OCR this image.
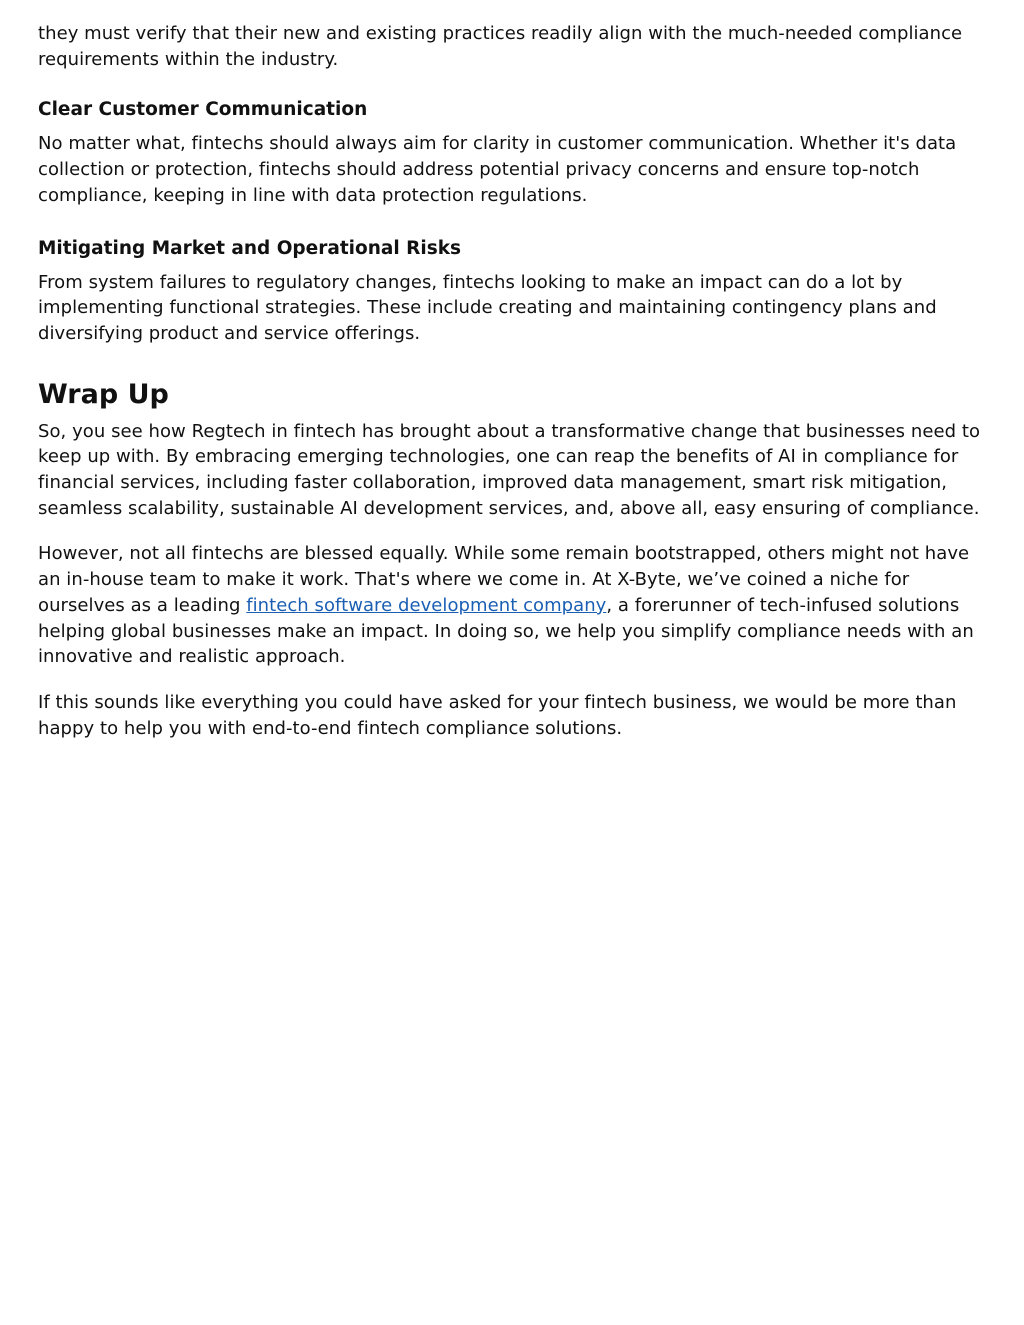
they must verify that their new and existing practices readily align with the much-needed compliance requirements within the industry.

Clear Customer Communication

No matter what, fintechs should always aim for clarity in customer communication. Whether it's data collection or protection, fintechs should address potential privacy concerns and ensure top-notch compliance, keeping in line with data protection regulations.

Mitigating Market and Operational Risks

From system failures to regulatory changes, fintechs looking to make an impact can do a lot by implementing functional strategies. These include creating and maintaining contingency plans and diversifying product and service offerings.

Wrap Up

So, you see how Regtech in fintech has brought about a transformative change that businesses need to keep up with. By embracing emerging technologies, one can reap the benefits of AI in compliance for financial services, including faster collaboration, improved data management, smart risk mitigation, seamless scalability, sustainable AI development services, and, above all, easy ensuring of compliance.

However, not all fintechs are blessed equally. While some remain bootstrapped, others might not have an in-house team to make it work. That's where we come in. At X-Byte, we’ve coined a niche for ourselves as a leading fintech software development company, a forerunner of tech-infused solutions helping global businesses make an impact. In doing so, we help you simplify compliance needs with an innovative and realistic approach.

If this sounds like everything you could have asked for your fintech business, we would be more than happy to help you with end-to-end fintech compliance solutions.
